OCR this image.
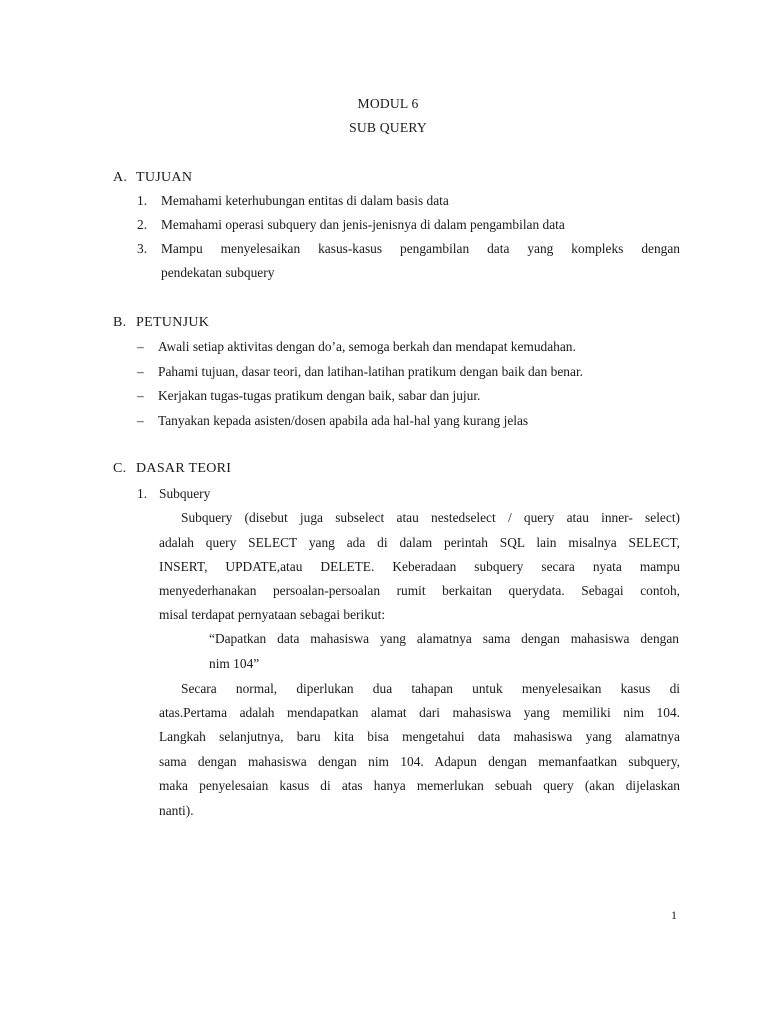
MODUL 6
SUB QUERY
A. TUJUAN
1.	Memahami keterhubungan entitas di dalam basis data
2.	Memahami operasi subquery dan jenis-jenisnya di dalam pengambilan data
3.	Mampu menyelesaikan kasus-kasus pengambilan data yang kompleks dengan
pendekatan subquery
B. PETUNJUK
– Awali setiap aktivitas dengan do’a, semoga berkah dan mendapat kemudahan.
– Pahami tujuan, dasar teori, dan latihan-latihan pratikum dengan baik dan benar.
– Kerjakan tugas-tugas pratikum dengan baik, sabar dan jujur.
– Tanyakan kepada asisten/dosen apabila ada hal-hal yang kurang jelas
C. DASAR TEORI
1. Subquery
Subquery (disebut juga subselect atau nestedselect / query atau inner- select)
adalah query SELECT yang ada di dalam perintah SQL lain misalnya SELECT,
INSERT, UPDATE,atau DELETE. Keberadaan subquery secara nyata mampu
menyederhanakan persoalan-persoalan rumit berkaitan querydata. Sebagai contoh,
misal terdapat pernyataan sebagai berikut:
“Dapatkan data mahasiswa yang alamatnya sama dengan mahasiswa dengan
nim 104”
Secara normal, diperlukan dua tahapan untuk menyelesaikan kasus di
atas.Pertama adalah mendapatkan alamat dari mahasiswa yang memiliki nim 104.
Langkah selanjutnya, baru kita bisa mengetahui data mahasiswa yang alamatnya
sama dengan mahasiswa dengan nim 104. Adapun dengan memanfaatkan subquery,
maka penyelesaian kasus di atas hanya memerlukan sebuah query (akan dijelaskan
nanti).
1
